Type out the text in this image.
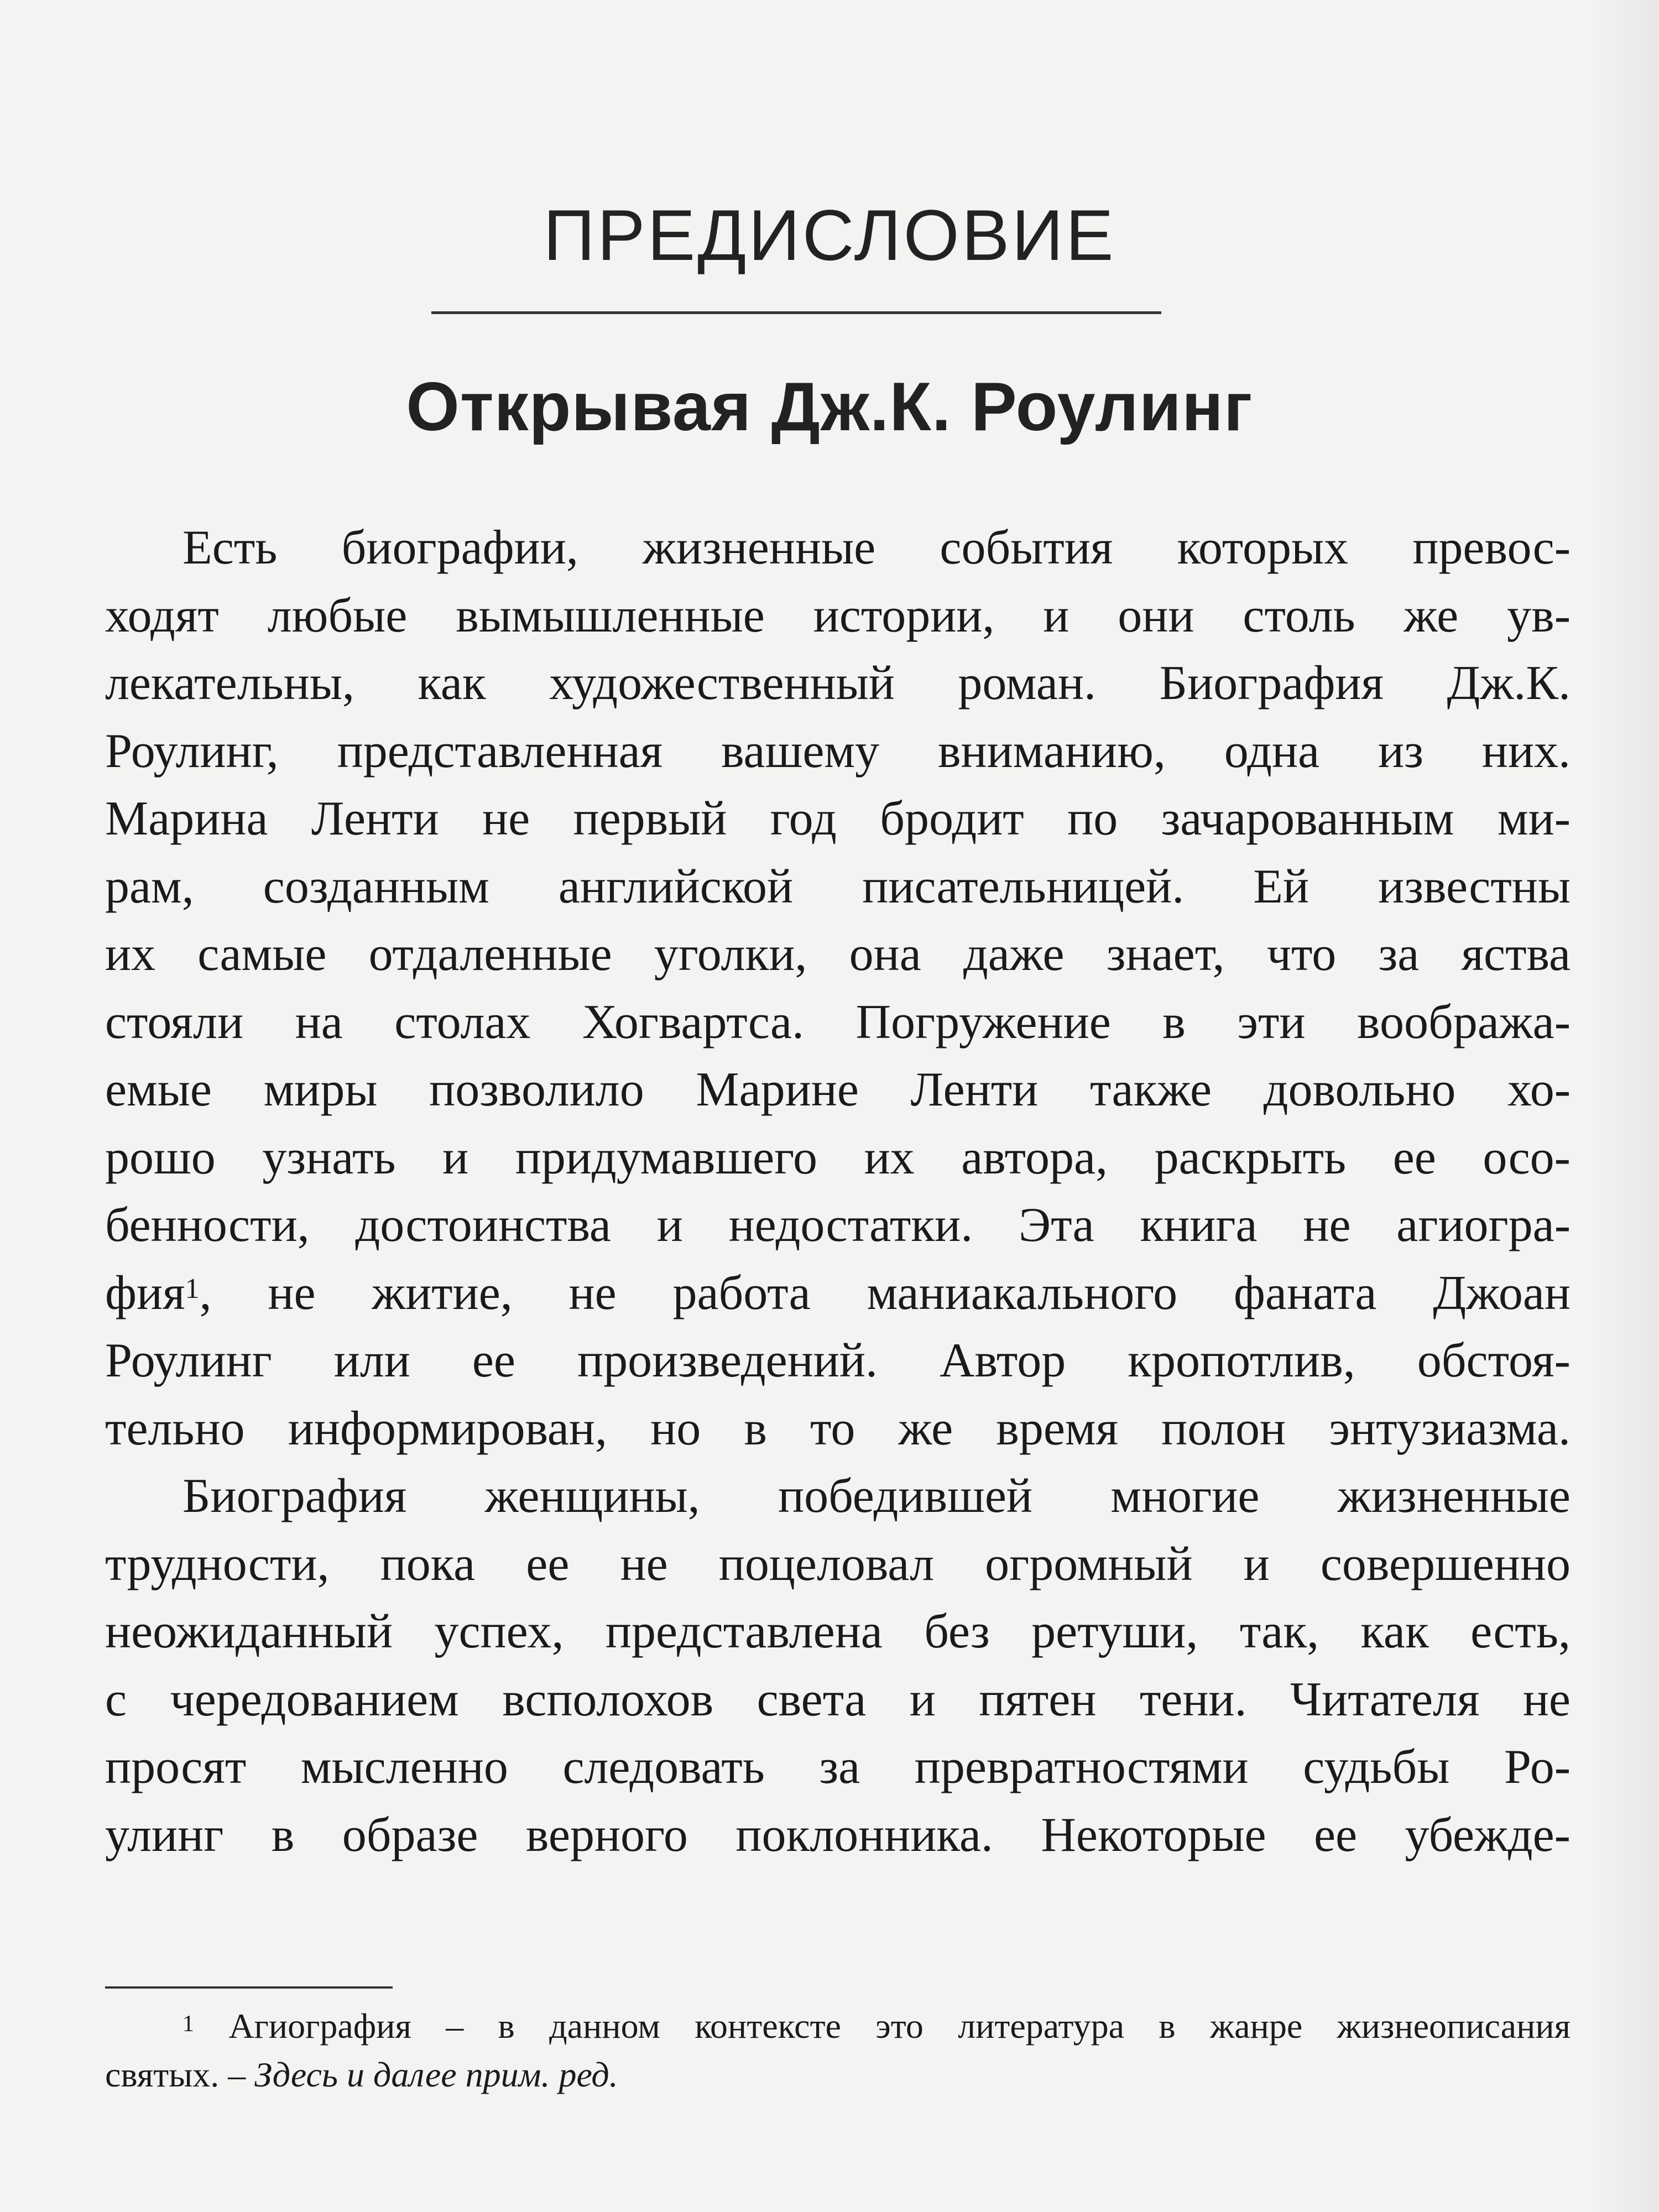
ПРЕДИСЛОВИЕ
Открывая Дж.К. Роулинг
Есть биографии, жизненные события которых превос-
ходят любые вымышленные истории, и они столь же ув-
лекательны, как художественный роман. Биография Дж.К.
Роулинг, представленная вашему вниманию, одна из них.
Марина Ленти не первый год бродит по зачарованным ми-
рам, созданным английской писательницей. Ей известны
их самые отдаленные уголки, она даже знает, что за яства
стояли на столах Хогвартса. Погружение в эти вообража-
емые миры позволило Марине Ленти также довольно хо-
рошо узнать и придумавшего их автора, раскрыть ее осо-
бенности, достоинства и недостатки. Эта книга не агиогра-
фия$^1$, не житие, не работа маниакального фаната Джоан
Роулинг или ее произведений. Автор кропотлив, обстоя-
тельно информирован, но в то же время полон энтузиазма.
Биография женщины, победившей многие жизненные
трудности, пока ее не поцеловал огромный и совершенно
неожиданный успех, представлена без ретуши, так, как есть,
с чередованием всполохов света и пятен тени. Читателя не
просят мысленно следовать за превратностями судьбы Ро-
улинг в образе верного поклонника. Некоторые ее убежде-
$^1$ Агиография – в данном контексте это литература в жанре жизнеописания
святых. – Здесь и далее прим. ред.
